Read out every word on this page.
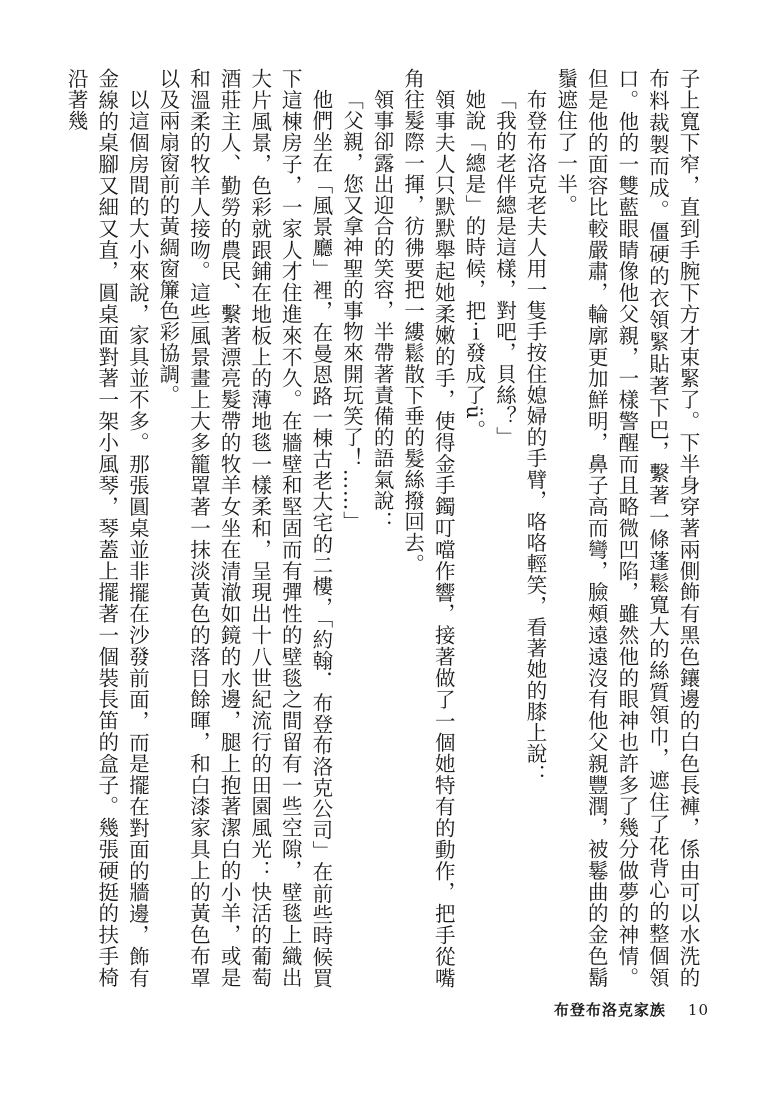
子上寬下窄，直到手腕下方才束緊了。下半身穿著兩側飾有黑色鑲邊的白色長褲，係由可以水洗的布料裁製而成。僵硬的衣領緊貼著下巴，繫著一條蓬鬆寬大的絲質領巾，遮住了花背心的整個領口。他的一雙藍眼睛像他父親，一樣警醒而且略微凹陷，雖然他的眼神也許多了幾分做夢的神情。但是他的面容比較嚴肅，輪廓更加鮮明，鼻子高而彎，臉頰遠遠沒有他父親豐潤，被鬈曲的金色鬍鬚遮住了一半。

布登布洛克老夫人用一隻手按住媳婦的手臂，咯咯輕笑，看著她的膝上說：

「我的老伴總是這樣，對吧，貝絲？」

她說「總是」的時候，把ｉ發成了ü。

領事夫人只默默舉起她柔嫩的手，使得金手鐲叮噹作響，接著做了一個她特有的動作，把手從嘴角往髮際一揮，彷彿要把一縷鬆散下垂的髮絲撥回去。

領事卻露出迎合的笑容，半帶著責備的語氣說：

「父親，您又拿神聖的事物來開玩笑了！……」

他們坐在「風景廳」裡，在曼恩路一棟古老大宅的二樓，「約翰．布登布洛克公司」在前些時候買下這棟房子，一家人才住進來不久。在牆壁和堅固而有彈性的壁毯之間留有一些空隙，壁毯上織出大片風景，色彩就跟鋪在地板上的薄地毯一樣柔和，呈現出十八世紀流行的田園風光：快活的葡萄酒莊主人、勤勞的農民、繫著漂亮髮帶的牧羊女坐在清澈如鏡的水邊，腿上抱著潔白的小羊，或是和溫柔的牧羊人接吻。這些風景畫上大多籠罩著一抹淡黃色的落日餘暉，和白漆家具上的黃色布罩以及兩扇窗前的黃綢窗簾色彩協調。

以這個房間的大小來說，家具並不多。那張圓桌並非擺在沙發前面，而是擺在對面的牆邊，飾有金線的桌腳又細又直，圓桌面對著一架小風琴，琴蓋上擺著一個裝長笛的盒子。幾張硬挺的扶手椅沿著幾

布登布洛克家族 10
